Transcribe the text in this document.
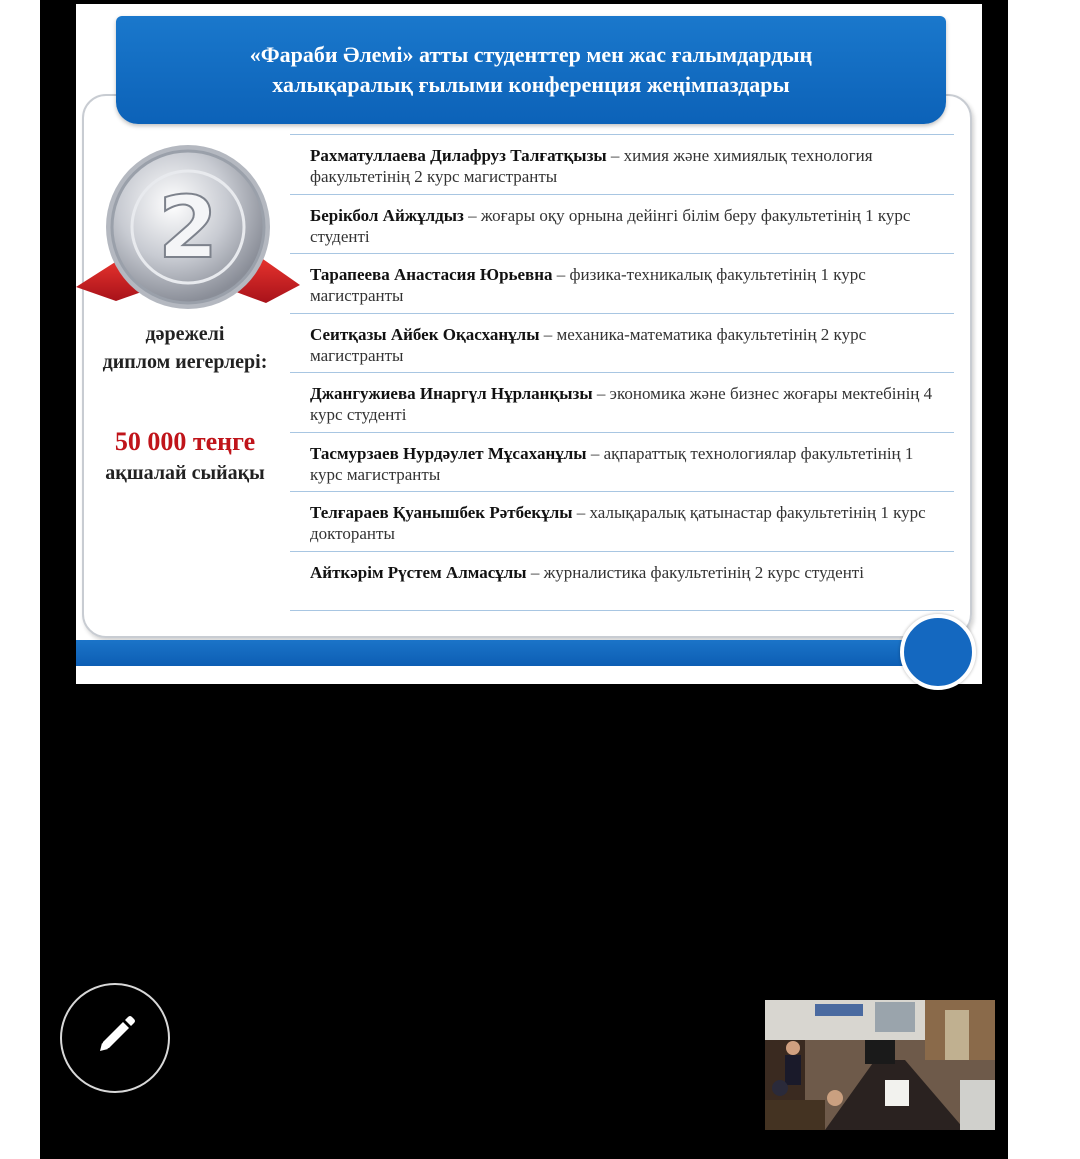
«Фараби Әлемі» атты студенттер мен жас ғалымдардың
халықаралық ғылыми конференция жеңімпаздары
2
дәрежелі
диплом иегерлері:
50 000 теңге
ақшалай сыйақы
Рахматуллаева Дилафруз Талғатқызы – химия және химиялық технология факультетінің 2 курс магистранты
Берікбол Айжұлдыз – жоғары оқу орнына дейінгі білім беру факультетінің 1 курс студенті
Тарапеева Анастасия Юрьевна – физика-техникалық факультетінің 1 курс магистранты
Сеитқазы Айбек Оқасханұлы – механика-математика факультетінің 2 курс магистранты
Джангужиева Инаргүл Нұрланқызы – экономика және бизнес жоғары мектебінің 4 курс студенті
Тасмурзаев Нурдәулет Мұсаханұлы – ақпараттық технологиялар факультетінің 1 курс магистранты
Телғараев Қуанышбек Рәтбекұлы – халықаралық қатынастар факультетінің 1 курс докторанты
Айткәрім Рүстем Алмасұлы – журналистика факультетінің 2 курс студенті
